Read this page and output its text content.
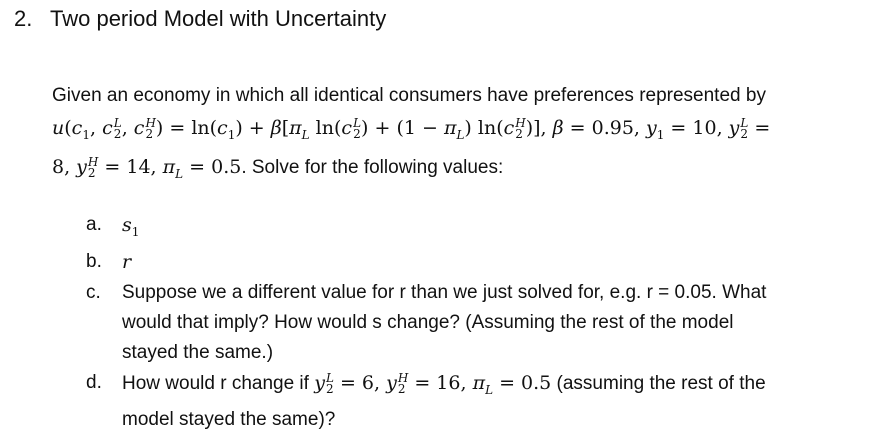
2. Two period Model with Uncertainty
Given an economy in which all identical consumers have preferences represented by
$u(c_1$, c L
2 , c H
2 ) = $\ln(c_1) + \beta[\pi_L$ ln(c L
2 ) + $(1 - \pi_L)$ ln(c H
2 )], β = 0.95, $y_1 = 10$, y L
2 =
8, y H
2 = 14, $\pi_L = 0.5$. Solve for the following values:
a. $s_1$
b. r
c. Suppose we a different value for r than we just solved for, e.g. r = 0.05. What
would that imply? How would s change? (Assuming the rest of the model
stayed the same.)
d. How would r change if y L
2 = 6, y H
2 = 16, $\pi_L = 0.5$ (assuming the rest of the
model stayed the same)?
